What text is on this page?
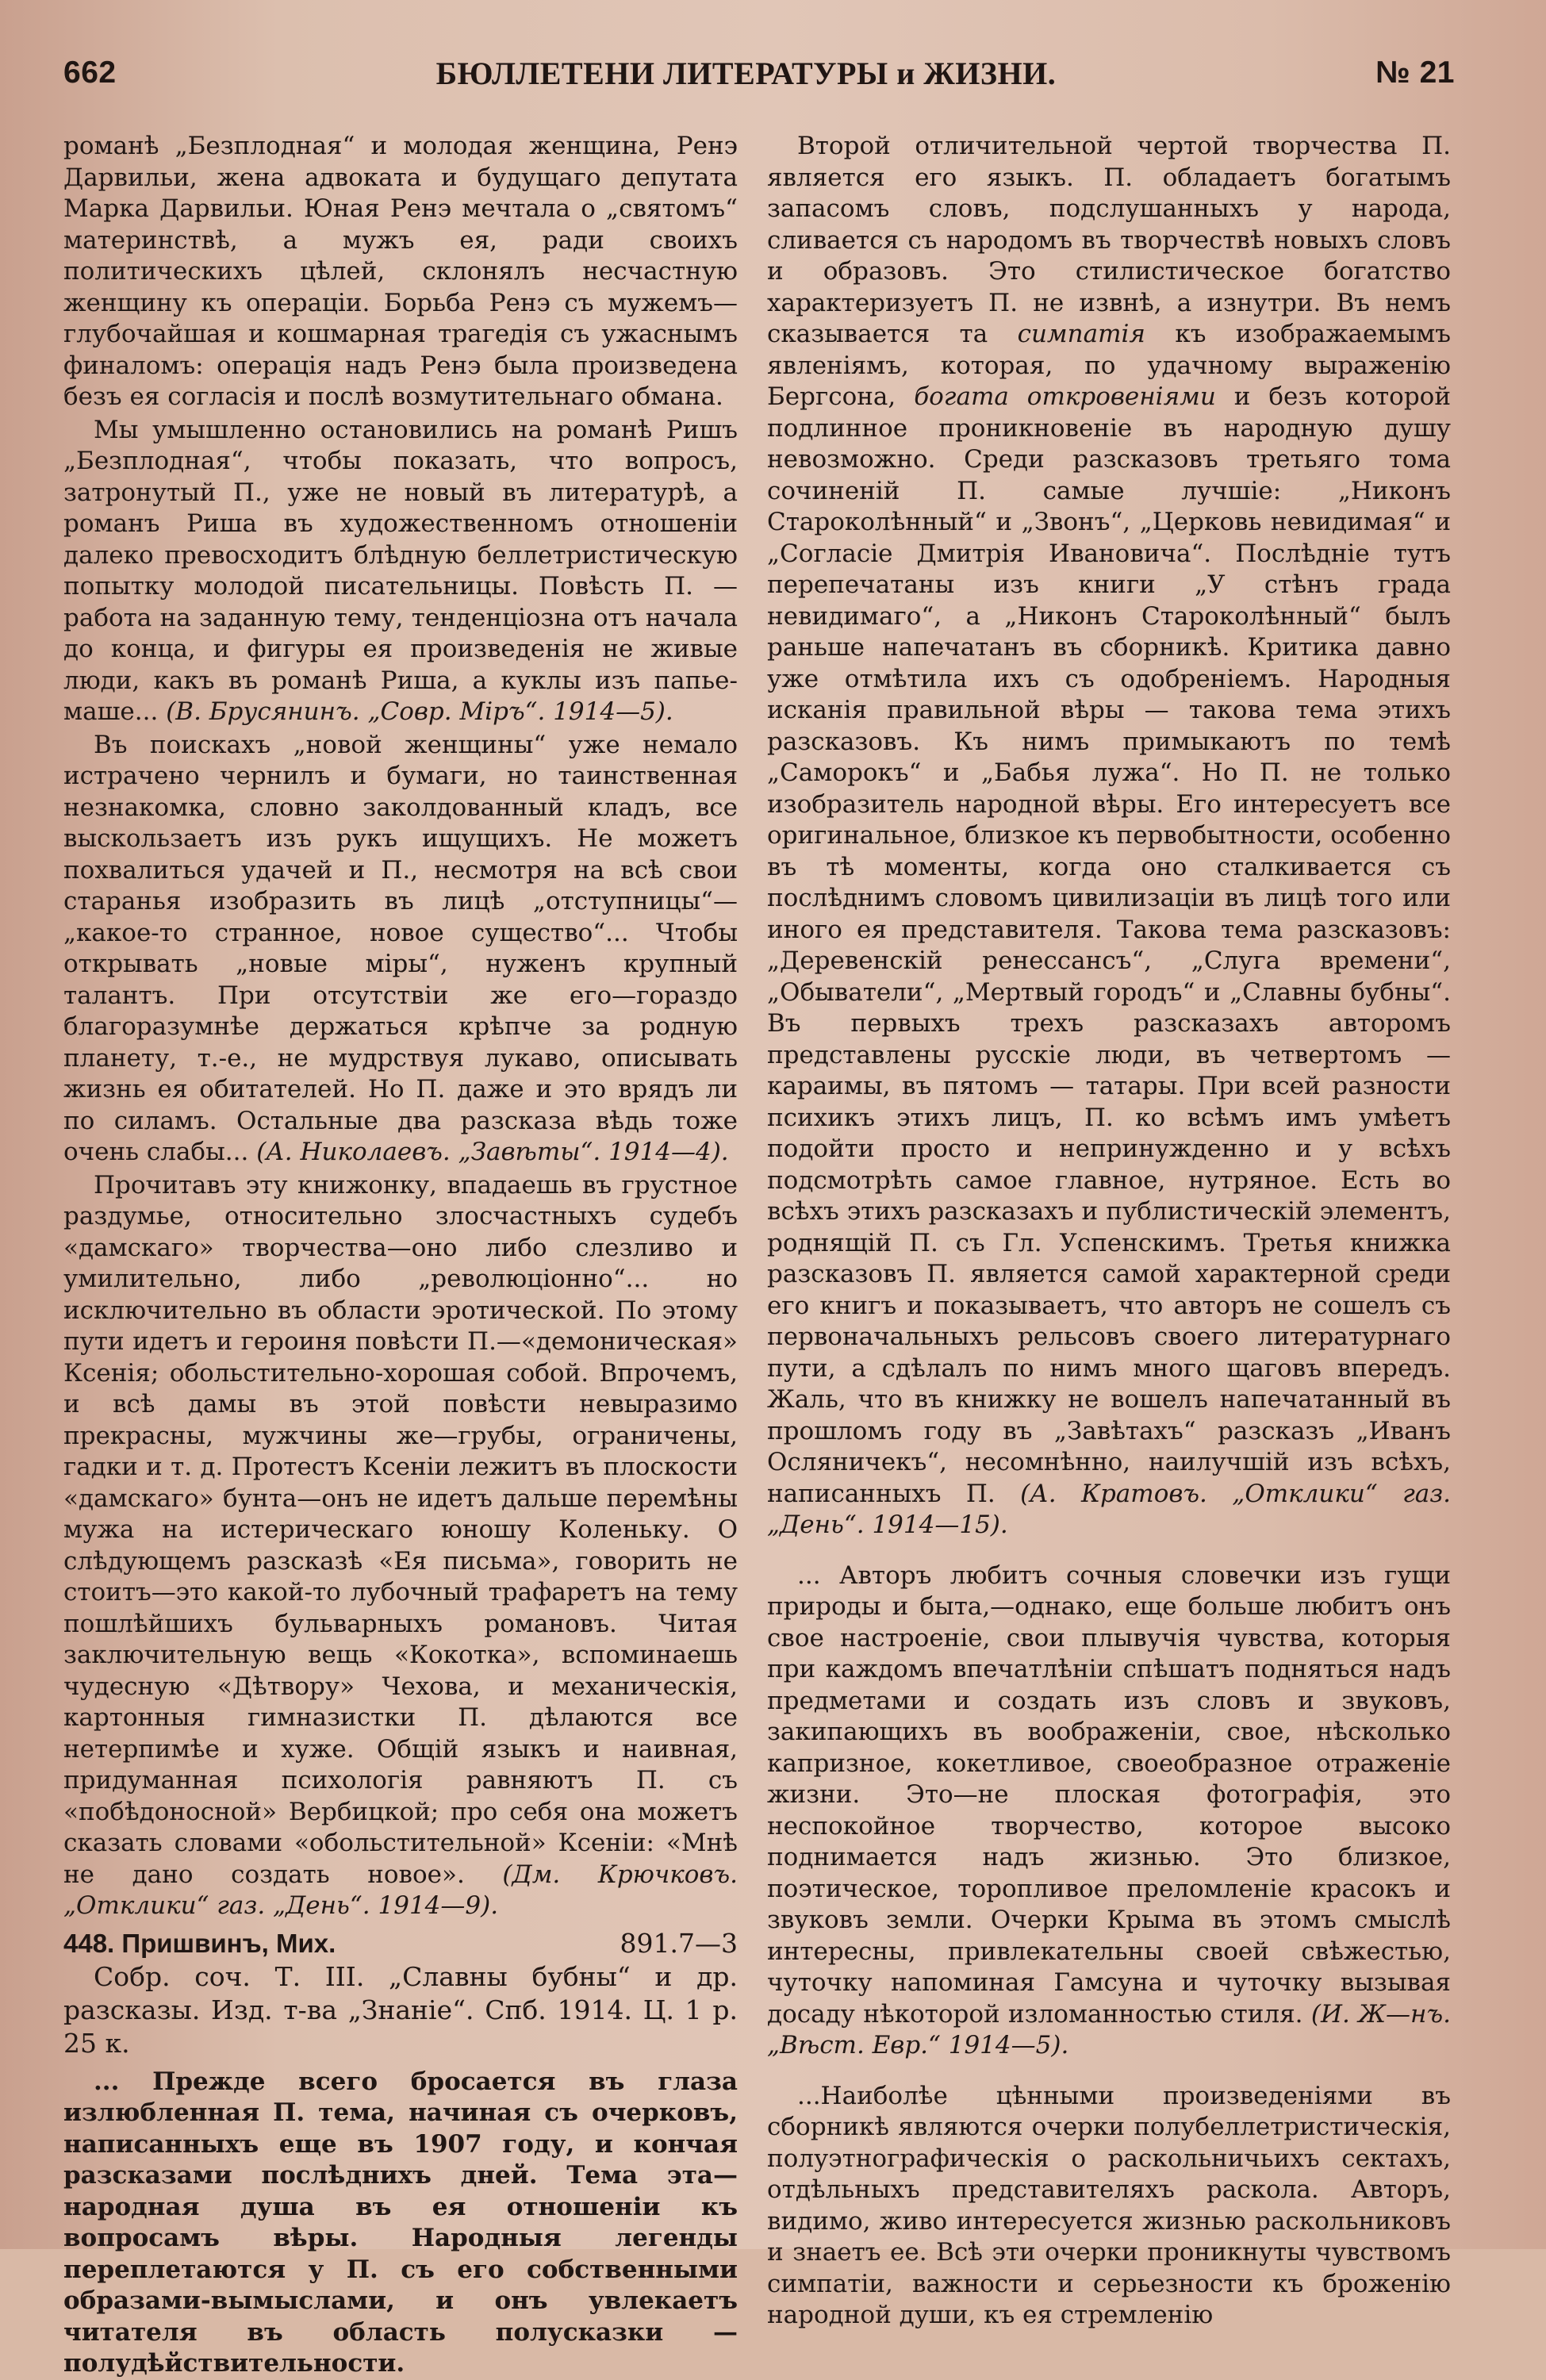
662	БЮЛЛЕТЕНИ ЛИТЕРАТУРЫ и ЖИЗНИ.	№ 21

романѣ „Безплодная“ и молодая женщина, Ренэ Дарвильи, жена адвоката и будущаго депутата Марка Дарвильи. Юная Ренэ мечтала о „святомъ“ материнствѣ, а мужъ ея, ради своихъ политическихъ цѣлей, склонялъ несчастную женщину къ операціи. Борьба Ренэ съ мужемъ—глубочайшая и кошмарная трагедія съ ужаснымъ финаломъ: операція надъ Ренэ была произведена безъ ея согласія и послѣ возмутительнаго обмана.

Мы умышленно остановились на романѣ Ришъ „Безплодная“, чтобы показать, что вопросъ, затронутый П., уже не новый въ литературѣ, а романъ Риша въ художественномъ отношеніи далеко превосходитъ блѣдную беллетристическую попытку молодой писательницы. Повѣсть П. — работа на заданную тему, тенденціозна отъ начала до конца, и фигуры ея произведенія не живые люди, какъ въ романѣ Риша, а куклы изъ папье-маше... (В. Брусянинъ. „Совр. Міръ“. 1914—5).

Въ поискахъ „новой женщины“ уже немало истрачено чернилъ и бумаги, но таинственная незнакомка, словно заколдованный кладъ, все выскользаетъ изъ рукъ ищущихъ. Не можетъ похвалиться удачей и П., несмотря на всѣ свои старанья изобразить въ лицѣ „отступницы“—„какое-то странное, новое существо“... Чтобы открывать „новые міры“, нуженъ крупный талантъ. При отсутствіи же его—гораздо благоразумнѣе держаться крѣпче за родную планету, т.-е., не мудрствуя лукаво, описывать жизнь ея обитателей. Но П. даже и это врядъ ли по силамъ. Остальные два разсказа вѣдь тоже очень слабы... (А. Николаевъ. „Завѣты“. 1914—4).

Прочитавъ эту книжонку, впадаешь въ грустное раздумье, относительно злосчастныхъ судебъ «дамскаго» творчества—оно либо слезливо и умилительно, либо „революціонно“... но исключительно въ области эротической. По этому пути идетъ и героиня повѣсти П.—«демоническая» Ксенія; обольстительно-хорошая собой. Впрочемъ, и всѣ дамы въ этой повѣсти невыразимо прекрасны, мужчины же—грубы, ограничены, гадки и т. д. Протестъ Ксеніи лежитъ въ плоскости «дамскаго» бунта—онъ не идетъ дальше перемѣны мужа на истерическаго юношу Коленьку. О слѣдующемъ разсказѣ «Ея письма», говорить не стоитъ—это какой-то лубочный трафаретъ на тему пошлѣйшихъ бульварныхъ романовъ. Читая заключительную вещь «Кокотка», вспоминаешь чудесную «Дѣтвору» Чехова, и механическія, картонныя гимназистки П. дѣлаются все нетерпимѣе и хуже. Общій языкъ и наивная, придуманная психологія равняютъ П. съ «побѣдоносной» Вербицкой; про себя она можетъ сказать словами «обольстительной» Ксеніи: «Мнѣ не дано создать новое». (Дм. Крючковъ. „Отклики“ газ. „День“. 1914—9).

448. Пришвинъ, Мих.	891.7—3

Собр. соч. Т. III. „Славны бубны“ и др. разсказы. Изд. т-ва „Знаніе“. Спб. 1914. Ц. 1 р. 25 к.

... Прежде всего бросается въ глаза излюбленная П. тема, начиная съ очерковъ, написанныхъ еще въ 1907 году, и кончая разсказами послѣднихъ дней. Тема эта—народная душа въ ея отношеніи къ вопросамъ вѣры. Народныя легенды переплетаются у П. съ его собственными образами-вымыслами, и онъ увлекаетъ читателя въ область полусказки — полудѣйствительности.

Второй отличительной чертой творчества П. является его языкъ. П. обладаетъ богатымъ запасомъ словъ, подслушанныхъ у народа, сливается съ народомъ въ творчествѣ новыхъ словъ и образовъ. Это стилистическое богатство характеризуетъ П. не извнѣ, а изнутри. Въ немъ сказывается та симпатія къ изображаемымъ явленіямъ, которая, по удачному выраженію Бергсона, богата откровеніями и безъ которой подлинное проникновеніе въ народную душу невозможно. Среди разсказовъ третьяго тома сочиненій П. самые лучшіе: „Никонъ Староколѣнный“ и „Звонъ“, „Церковь невидимая“ и „Согласіе Дмитрія Ивановича“. Послѣдніе тутъ перепечатаны изъ книги „У стѣнъ града невидимаго“, а „Никонъ Староколѣнный“ былъ раньше напечатанъ въ сборникѣ. Критика давно уже отмѣтила ихъ съ одобреніемъ. Народныя исканія правильной вѣры — такова тема этихъ разсказовъ. Къ нимъ примыкаютъ по темѣ „Саморокъ“ и „Бабья лужа“. Но П. не только изобразитель народной вѣры. Его интересуетъ все оригинальное, близкое къ первобытности, особенно въ тѣ моменты, когда оно сталкивается съ послѣднимъ словомъ цивилизаціи въ лицѣ того или иного ея представителя. Такова тема разсказовъ: „Деревенскій ренессансъ“, „Слуга времени“, „Обыватели“, „Мертвый городъ“ и „Славны бубны“. Въ первыхъ трехъ разсказахъ авторомъ представлены русскіе люди, въ четвертомъ — караимы, въ пятомъ — татары. При всей разности психикъ этихъ лицъ, П. ко всѣмъ имъ умѣетъ подойти просто и непринужденно и у всѣхъ подсмотрѣть самое главное, нутряное. Есть во всѣхъ этихъ разсказахъ и публистическій элементъ, роднящій П. съ Гл. Успенскимъ. Третья книжка разсказовъ П. является самой характерной среди его книгъ и показываетъ, что авторъ не сошелъ съ первоначальныхъ рельсовъ своего литературнаго пути, а сдѣлалъ по нимъ много щаговъ впередъ. Жаль, что въ книжку не вошелъ напечатанный въ прошломъ году въ „Завѣтахъ“ разсказъ „Иванъ Осляничекъ“, несомнѣнно, наилучшій изъ всѣхъ, написанныхъ П. (А. Кратовъ. „Отклики“ газ. „День“. 1914—15).

... Авторъ любитъ сочныя словечки изъ гущи природы и быта,—однако, еще больше любитъ онъ свое настроеніе, свои плывучія чувства, которыя при каждомъ впечатлѣніи спѣшатъ подняться надъ предметами и создать изъ словъ и звуковъ, закипающихъ въ воображеніи, свое, нѣсколько капризное, кокетливое, своеобразное отраженіе жизни. Это—не плоская фотографія, это неспокойное творчество, которое высоко поднимается надъ жизнью. Это близкое, поэтическое, торопливое преломленіе красокъ и звуковъ земли. Очерки Крыма въ этомъ смыслѣ интересны, привлекательны своей свѣжестью, чуточку напоминая Гамсуна и чуточку вызывая досаду нѣкоторой изломанностью стиля. (И. Ж—нъ. „Вѣст. Евр.“ 1914—5).

...Наиболѣе цѣнными произведеніями въ сборникѣ являются очерки полубеллетристическія, полуэтнографическія о раскольничьихъ сектахъ, отдѣльныхъ представителяхъ раскола. Авторъ, видимо, живо интересуется жизнью раскольниковъ и знаетъ ее. Всѣ эти очерки проникнуты чувствомъ симпатіи, важности и серьезности къ броженію народной души, къ ея стремленію
